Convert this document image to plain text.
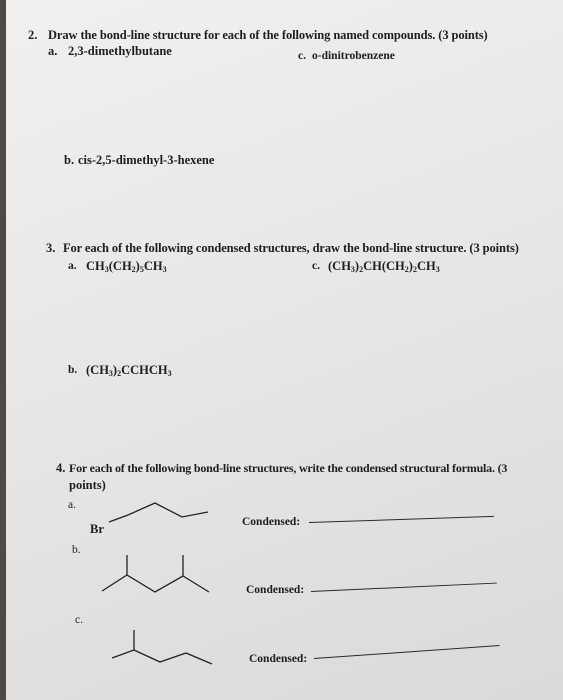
2. Draw the bond-line structure for each of the following named compounds. (3 points)
a. 2,3-dimethylbutane	c. o-dinitrobenzene
b. cis-2,5-dimethyl-3-hexene
3. For each of the following condensed structures, draw the bond-line structure. (3 points)
a. $CH_3(CH_2)_5CH_3$	c. $(CH_3)_2CH(CH_2)_2CH_3$
b. $(CH_3)_2CCHCH_3$
4. For each of the following bond-line structures, write the condensed structural formula. (3
points)
a.
Br	Condensed:
b.
Condensed:
c.
Condensed:
